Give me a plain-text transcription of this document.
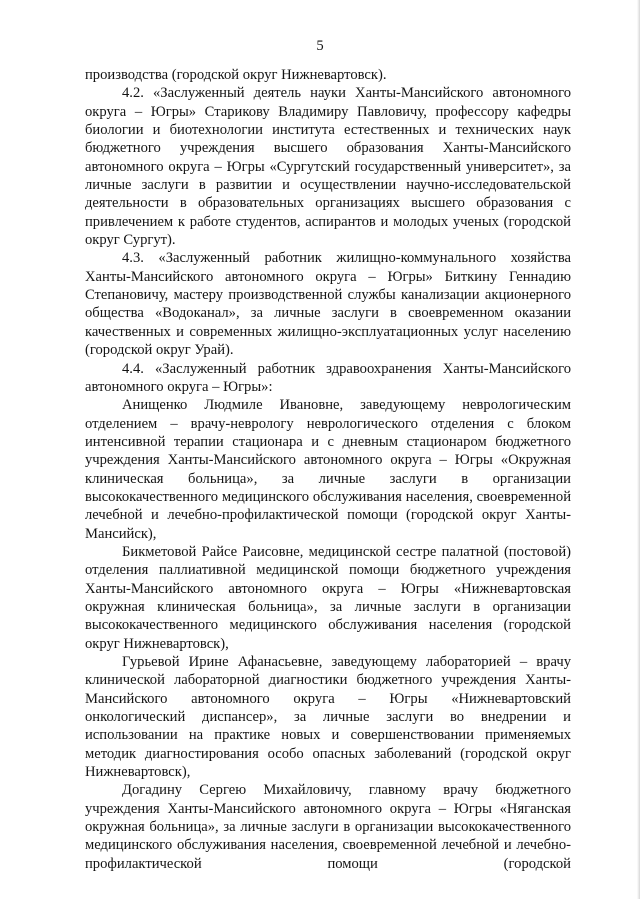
5

производства (городской округ Нижневартовск).

4.2. «Заслуженный деятель науки Ханты-Мансийского автономного округа – Югры» Старикову Владимиру Павловичу, профессору кафедры биологии и биотехнологии института естественных и технических наук бюджетного учреждения высшего образования Ханты-Мансийского автономного округа – Югры «Сургутский государственный университет», за личные заслуги в развитии и осуществлении научно-исследовательской деятельности в образовательных организациях высшего образования с привлечением к работе студентов, аспирантов и молодых ученых (городской округ Сургут).

4.3. «Заслуженный работник жилищно-коммунального хозяйства Ханты-Мансийского автономного округа – Югры» Биткину Геннадию Степановичу, мастеру производственной службы канализации акционерного общества «Водоканал», за личные заслуги в своевременном оказании качественных и современных жилищно-эксплуатационных услуг населению (городской округ Урай).

4.4. «Заслуженный работник здравоохранения Ханты-Мансийского автономного округа – Югры»:

Анищенко Людмиле Ивановне, заведующему неврологическим отделением – врачу-неврологу неврологического отделения с блоком интенсивной терапии стационара и с дневным стационаром бюджетного учреждения Ханты-Мансийского автономного округа – Югры «Окружная клиническая больница», за личные заслуги в организации высококачественного медицинского обслуживания населения, своевременной лечебной и лечебно-профилактической помощи (городской округ Ханты-Мансийск),

Бикметовой Райсе Раисовне, медицинской сестре палатной (постовой) отделения паллиативной медицинской помощи бюджетного учреждения Ханты-Мансийского автономного округа – Югры «Нижневартовская окружная клиническая больница», за личные заслуги в организации высококачественного медицинского обслуживания населения (городской округ Нижневартовск),

Гурьевой Ирине Афанасьевне, заведующему лабораторией – врачу клинической лабораторной диагностики бюджетного учреждения Ханты-Мансийского автономного округа – Югры «Нижневартовский онкологический диспансер», за личные заслуги во внедрении и использовании на практике новых и совершенствовании применяемых методик диагностирования особо опасных заболеваний (городской округ Нижневартовск),

Догадину Сергею Михайловичу, главному врачу бюджетного учреждения Ханты-Мансийского автономного округа – Югры «Няганская окружная больница», за личные заслуги в организации высококачественного медицинского обслуживания населения, своевременной лечебной и лечебно-профилактической помощи (городской
